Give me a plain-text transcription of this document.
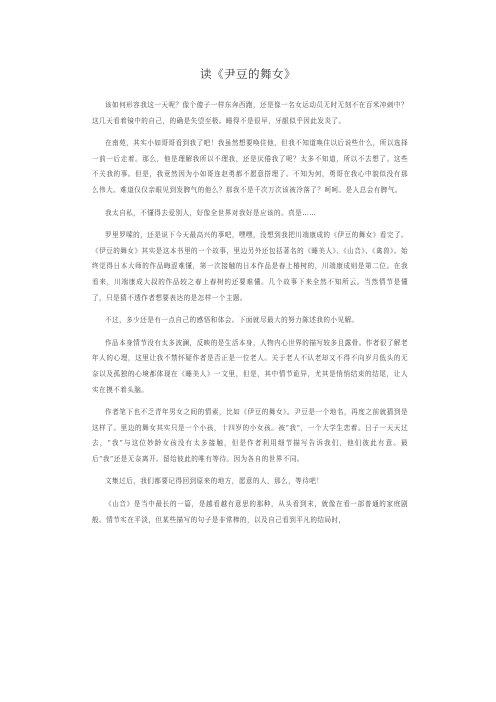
读《尹豆的舞女》

该如何形容我这一天呢？像个傻子一样东奔西跑，还是像一名女运动员无时无刻不在百米冲刺中？这几天看着镜中的自己，的确是失望至极。睡得不是很早，牙龈似乎因此发炎了。

在南苑，其实小如哥哥看到我了吧！我虽然想要唤住他，但我不知道唤住以后说些什么，所以选择一前一后走着。那么，他是理解我所以不理我，还是厌倦我了呢？太多不知道，所以不去想了。这些不关我的事。但是，我竟然因为小如哥连赵勇都不愿意搭理了。不知为何，勇哥在我心中貌似没有那么伟大。难道仅仅亲眼见到发脾气的他么？那我不是千次万次该被冷落了？呵呵。是人总会有脾气。

我太自私，不懂得去爱别人，好像全世界对我好是应该的。真是……

罗里罗嗦的，还是说下今天最高兴的事吧，嘿嘿，没想到我把川端康成的《伊豆的舞女》看完了。《伊豆的舞女》其实是这本书里的一个故事，里边另外还包括著名的《睡美人》、《山音》、《禽兽》。始终觉得日本大师的作品晦涩难懂，第一次接触的日本作品是春上椿树的，川端康成则是第二位。在我看来，川端康成大叔的作品较之春上春树的还要难懂。几个故事下来全然不知所云。当然情节是懂了，只是猜不透作者想要表达的是怎样一个主题。

不过，多少还是有一点自己的感悟和体会。下面就尽最大的努力陈述我的小见解。

作品本身情节没有太多波澜，反映的是生活本身，人物内心世界的描写较多且露骨。作者很了解老年人的心理，这里让我不禁怀疑作者是否正是一位老人。关于老人不认老却又不得不向岁月低头的无奈以及孤独的心境都体现在《睡美人》一文里，但是，其中情节诡异，尤其是悄悄结束的结尾，让人实在摸不着头脑。

作者笔下也不乏青年男女之间的情素，比如《伊豆的舞女》。尹豆是一个地名，再度之前就猜到是这样了。里边的舞女其实只是一个小孩，十四岁的小女孩。被“我”，一个大学生恋着。日子一天天过去，“我”与这位妙龄女孩没有太多接触，但是作者利用细节描写告诉我们，他们彼此有意。最后“我”还是无奈离开。留给彼此的唯有等待。因为各自的世界不同。

文集过后，我们都要记得回到原来的地方，愿意的人，那么，等待吧！

《山音》是当中最长的一篇，是越看越有意思的那种，从头看到末，就像在看一部普通的家庭剧般。情节实在平淡，但某些描写的句子是非常棒的，以及自己看到平凡的结局时，
